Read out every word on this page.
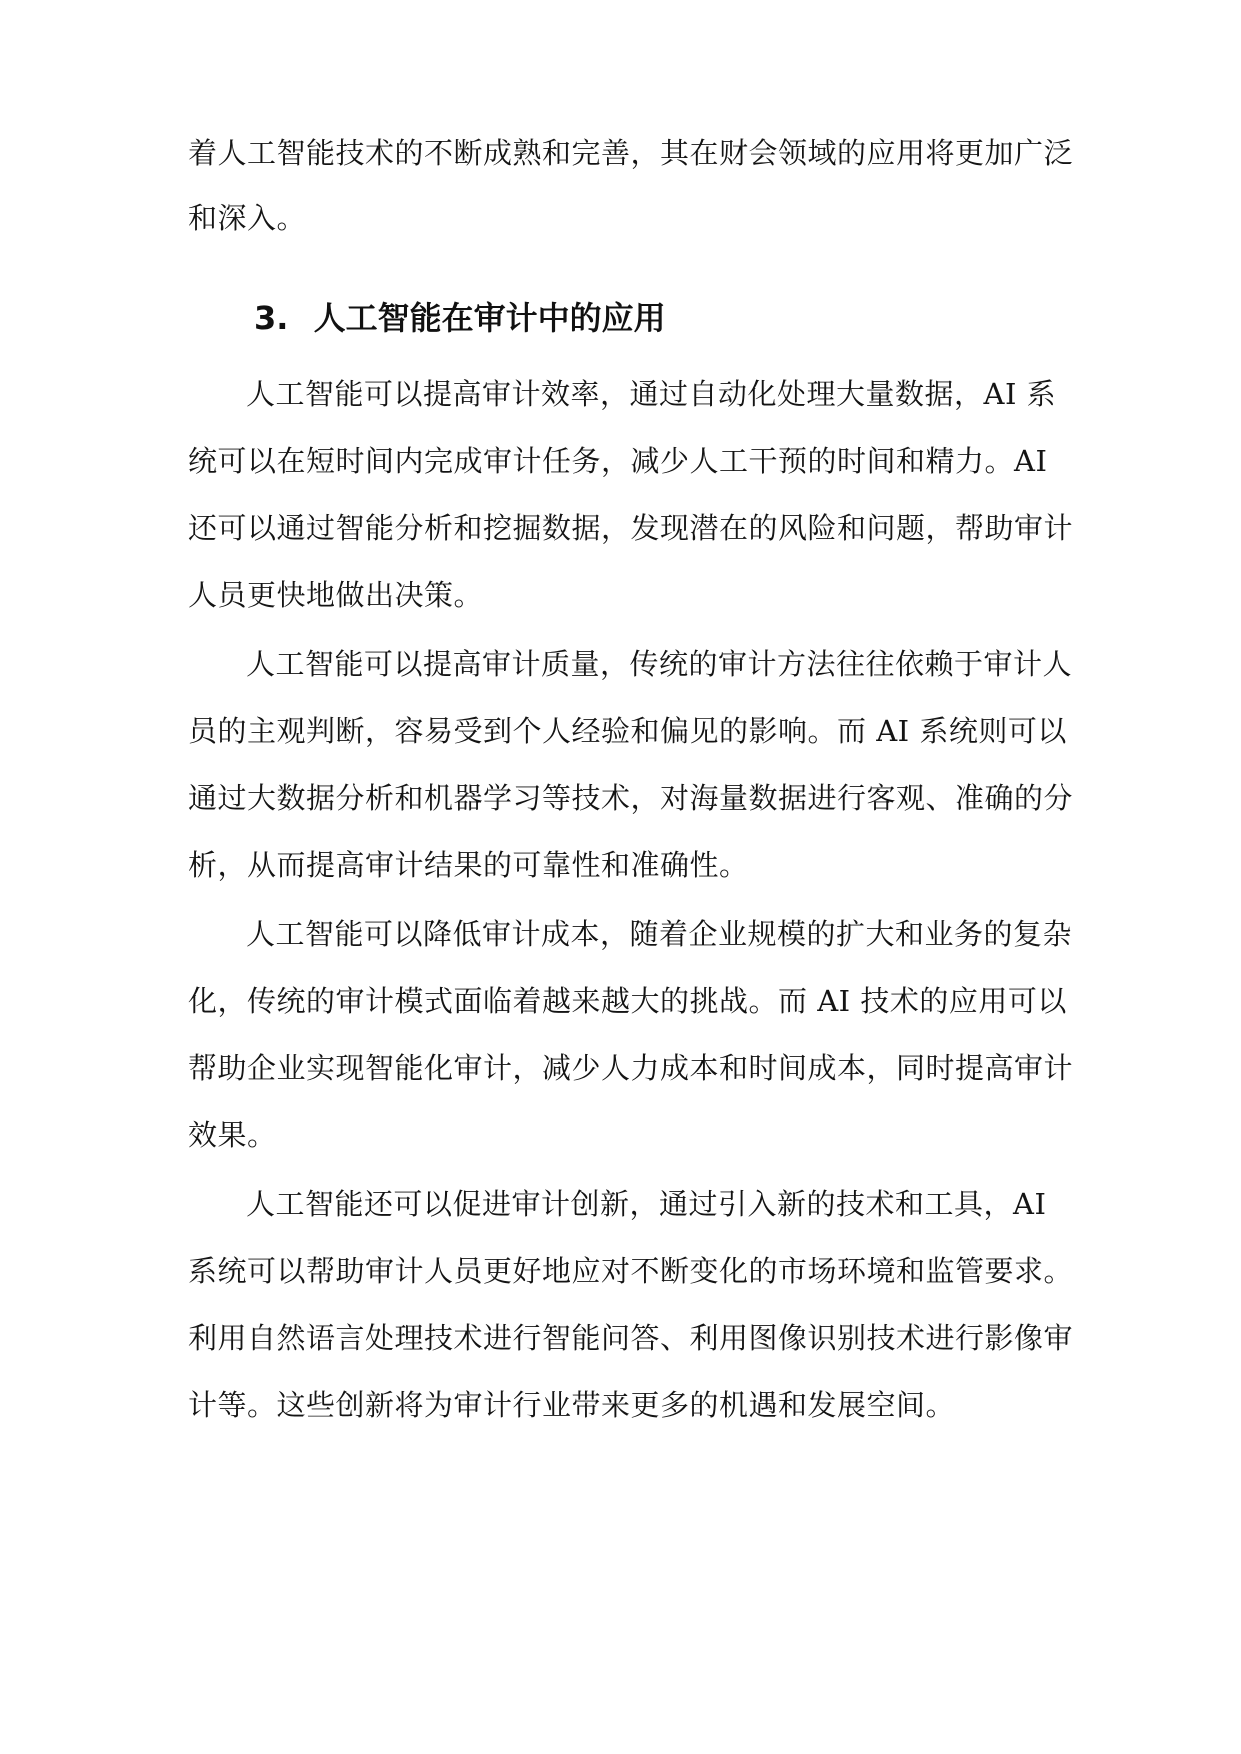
着人工智能技术的不断成熟和完善，其在财会领域的应用将更加广泛
和深入。
3. 人工智能在审计中的应用
人工智能可以提高审计效率，通过自动化处理大量数据，AI 系
统可以在短时间内完成审计任务，减少人工干预的时间和精力。AI
还可以通过智能分析和挖掘数据，发现潜在的风险和问题，帮助审计
人员更快地做出决策。
人工智能可以提高审计质量，传统的审计方法往往依赖于审计人
员的主观判断，容易受到个人经验和偏见的影响。而 AI 系统则可以
通过大数据分析和机器学习等技术，对海量数据进行客观、准确的分
析，从而提高审计结果的可靠性和准确性。
人工智能可以降低审计成本，随着企业规模的扩大和业务的复杂
化，传统的审计模式面临着越来越大的挑战。而 AI 技术的应用可以
帮助企业实现智能化审计，减少人力成本和时间成本，同时提高审计
效果。
人工智能还可以促进审计创新，通过引入新的技术和工具，AI
系统可以帮助审计人员更好地应对不断变化的市场环境和监管要求。
利用自然语言处理技术进行智能问答、利用图像识别技术进行影像审
计等。这些创新将为审计行业带来更多的机遇和发展空间。
